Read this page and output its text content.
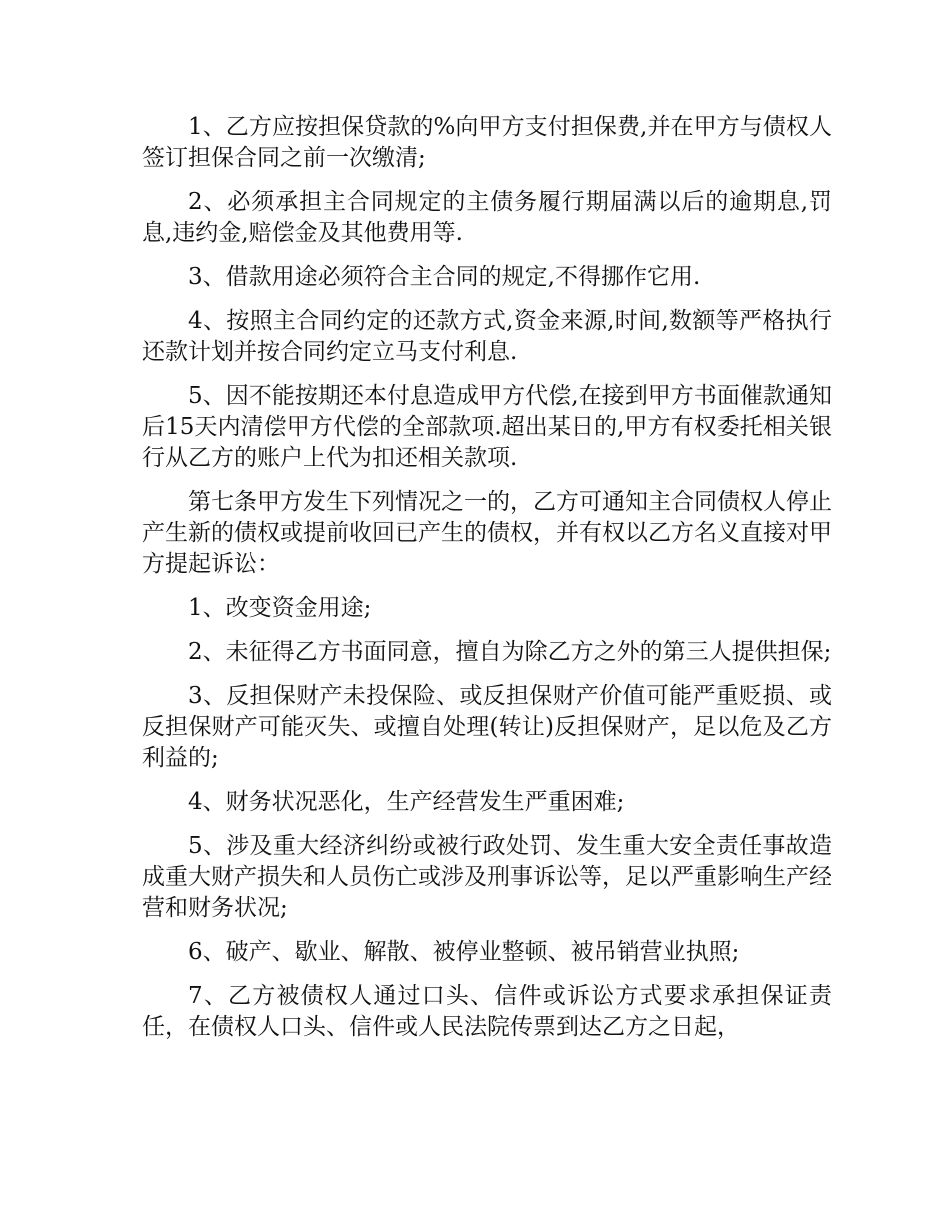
1、乙方应按担保贷款的%向甲方支付担保费,并在甲方与债权人签订担保合同之前一次缴清;

2、必须承担主合同规定的主债务履行期届满以后的逾期息,罚息,违约金,赔偿金及其他费用等.

3、借款用途必须符合主合同的规定,不得挪作它用.

4、按照主合同约定的还款方式,资金来源,时间,数额等严格执行还款计划并按合同约定立马支付利息.

5、因不能按期还本付息造成甲方代偿,在接到甲方书面催款通知后15天内清偿甲方代偿的全部款项.超出某日的,甲方有权委托相关银行从乙方的账户上代为扣还相关款项.

第七条甲方发生下列情况之一的，乙方可通知主合同债权人停止产生新的债权或提前收回已产生的债权，并有权以乙方名义直接对甲方提起诉讼：

1、改变资金用途;

2、未征得乙方书面同意，擅自为除乙方之外的第三人提供担保;

3、反担保财产未投保险、或反担保财产价值可能严重贬损、或反担保财产可能灭失、或擅自处理(转让)反担保财产，足以危及乙方利益的;

4、财务状况恶化，生产经营发生严重困难;

5、涉及重大经济纠纷或被行政处罚、发生重大安全责任事故造成重大财产损失和人员伤亡或涉及刑事诉讼等，足以严重影响生产经营和财务状况;

6、破产、歇业、解散、被停业整顿、被吊销营业执照;

7、乙方被债权人通过口头、信件或诉讼方式要求承担保证责任，在债权人口头、信件或人民法院传票到达乙方之日起，
